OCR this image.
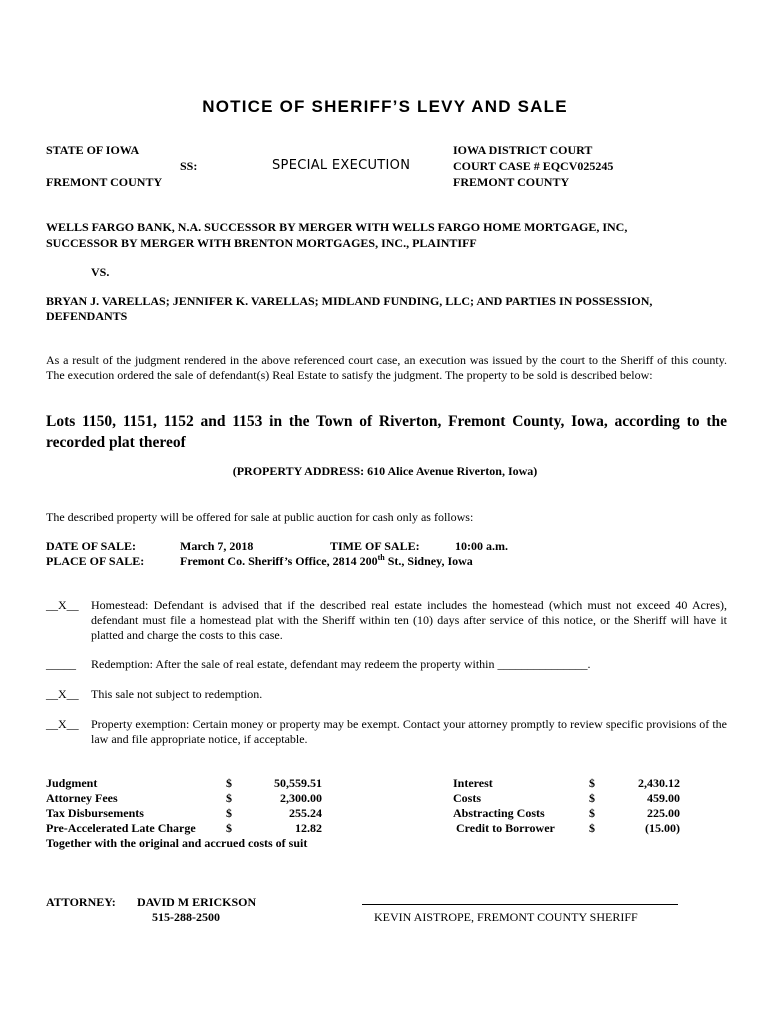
NOTICE OF SHERIFF’S LEVY AND SALE
STATE OF IOWA
SS:
FREMONT COUNTY
SPECIAL EXECUTION
IOWA DISTRICT COURT
COURT CASE # EQCV025245
FREMONT COUNTY
WELLS FARGO BANK, N.A. SUCCESSOR BY MERGER WITH WELLS FARGO HOME MORTGAGE, INC,
SUCCESSOR BY MERGER WITH BRENTON MORTGAGES, INC., PLAINTIFF
VS.
BRYAN J. VARELLAS; JENNIFER K. VARELLAS; MIDLAND FUNDING, LLC; AND PARTIES IN POSSESSION,
DEFENDANTS
As a result of the judgment rendered in the above referenced court case, an execution was issued by the court to the Sheriff of this county. The execution ordered the sale of defendant(s) Real Estate to satisfy the judgment. The property to be sold is described below:
Lots 1150, 1151, 1152 and 1153 in the Town of Riverton, Fremont County, Iowa, according to the recorded plat thereof
(PROPERTY ADDRESS: 610 Alice Avenue Riverton, Iowa)
The described property will be offered for sale at public auction for cash only as follows:
DATE OF SALE:	March 7, 2018	TIME OF SALE:	10:00 a.m.
PLACE OF SALE:	Fremont Co. Sheriff’s Office, 2814 200th St., Sidney, Iowa
__X__ Homestead: Defendant is advised that if the described real estate includes the homestead (which must not exceed 40 Acres), defendant must file a homestead plat with the Sheriff within ten (10) days after service of this notice, or the Sheriff will have it platted and charge the costs to this case.
_____ Redemption: After the sale of real estate, defendant may redeem the property within _______________.
__X__ This sale not subject to redemption.
__X__ Property exemption: Certain money or property may be exempt. Contact your attorney promptly to review specific provisions of the law and file appropriate notice, if acceptable.
Judgment	$	50,559.51
Attorney Fees	$	2,300.00
Tax Disbursements	$	255.24
Pre-Accelerated Late Charge	$	12.82
Interest	$	2,430.12
Costs	$	459.00
Abstracting Costs	$	225.00
Credit to Borrower	$	(15.00)
Together with the original and accrued costs of suit
ATTORNEY: DAVID M ERICKSON
515-288-2500	KEVIN AISTROPE, FREMONT COUNTY SHERIFF
